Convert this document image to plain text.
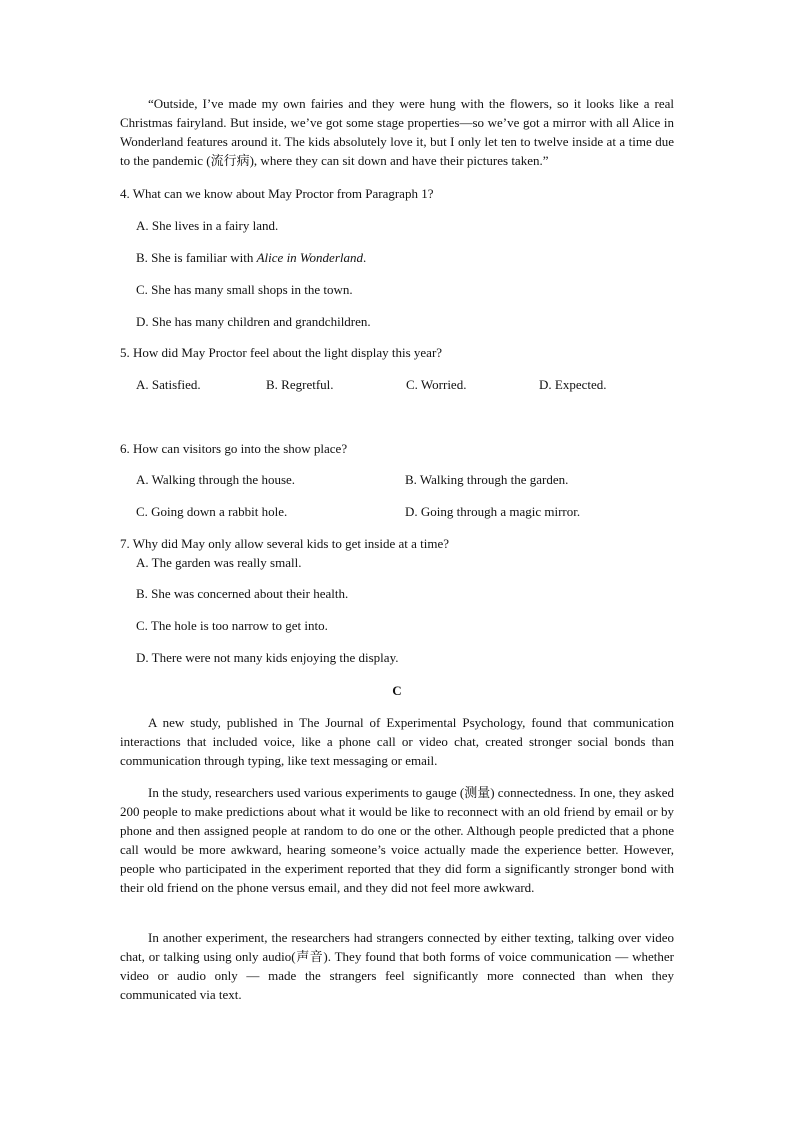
“Outside, I’ve made my own fairies and they were hung with the flowers, so it looks like a real Christmas fairyland. But inside, we’ve got some stage properties—so we’ve got a mirror with all Alice in Wonderland features around it. The kids absolutely love it, but I only let ten to twelve inside at a time due to the pandemic (流行病), where they can sit down and have their pictures taken.”

4. What can we know about May Proctor from Paragraph 1?

A. She lives in a fairy land.

B. She is familiar with Alice in Wonderland.

C. She has many small shops in the town.

D. She has many children and grandchildren.

5. How did May Proctor feel about the light display this year?

A. Satisfied.	B. Regretful.	C. Worried.	D. Expected.

6. How can visitors go into the show place?

A. Walking through the house.	B. Walking through the garden.

C. Going down a rabbit hole.	D. Going through a magic mirror.

7. Why did May only allow several kids to get inside at a time?

A. The garden was really small.

B. She was concerned about their health.

C. The hole is too narrow to get into.

D. There were not many kids enjoying the display.

C

A new study, published in The Journal of Experimental Psychology, found that communication interactions that included voice, like a phone call or video chat, created stronger social bonds than communication through typing, like text messaging or email.

In the study, researchers used various experiments to gauge (测量) connectedness. In one, they asked 200 people to make predictions about what it would be like to reconnect with an old friend by email or by phone and then assigned people at random to do one or the other. Although people predicted that a phone call would be more awkward, hearing someone’s voice actually made the experience better. However, people who participated in the experiment reported that they did form a significantly stronger bond with their old friend on the phone versus email, and they did not feel more awkward.

In another experiment, the researchers had strangers connected by either texting, talking over video chat, or talking using only audio(声音). They found that both forms of voice communication — whether video or audio only — made the strangers feel significantly more connected than when they communicated via text.
